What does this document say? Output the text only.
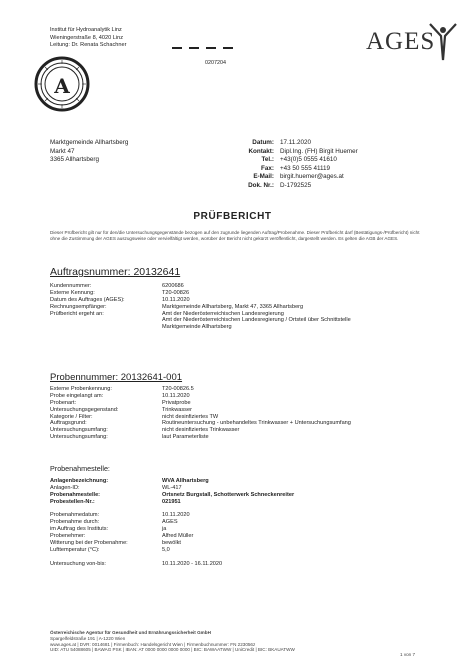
Institut für Hydroanalytik Linz
Wieningerstraße 8, 4020 Linz
Leitung: Dr. Renata Schachner
A
0207204
AGES
Marktgemeinde Allhartsberg
Markt 47
3365 Allhartsberg
Datum: 17.11.2020
Kontakt: Dipl.Ing. (FH) Birgit Huemer
Tel.: +43(0)5 0555 41610
Fax: +43 50 555 41119
E-Mail: birgit.huemer@ages.at
Dok. Nr.: D-1792525
PRÜFBERICHT
Dieser Prüfbericht gilt nur für den/die Untersuchungsgegenstände bezogen auf den zugrunde liegenden Auftrag/Probenahme. Dieser Prüfbericht darf (Bestätigungs-/Prüfbericht) nicht ohne die Zustimmung der AGES auszugsweise oder vervielfältigt werden, worüber der Bericht nicht gekürzt veröffentlicht, dargestellt werden. Es gelten die AGB der AGES.
Auftragsnummer: 20132641
Kundennummer:	6200686
Externe Kennung:	T20-00826
Datum des Auftrages (AGES):	10.11.2020
Rechnungsempfänger:	Marktgemeinde Allhartsberg, Markt 47, 3365 Allhartsberg
Prüfbericht ergeht an:	Amt der Niederösterreichischen Landesregierung
Amt der Niederösterreichischen Landesregierung / Ortsteil über Schnittstelle
Marktgemeinde Allhartsberg
Probennummer: 20132641-001
Externe Probenkennung:	T20-00826.5
Probe eingelangt am:	10.11.2020
Probenart:	Privatprobe
Untersuchungsgegenstand:	Trinkwasser
Kategorie / Filter:	nicht desinfiziertes TW
Auftragsgrund:	Routineuntersuchung - unbehandeltes Trinkwasser + Untersuchungsumfang
Untersuchungsumfang:	nicht desinfiziertes Trinkwasser
Untersuchungsumfang:	laut Parameterliste
Probenahmestelle:
Anlagenbezeichnung:	WVA Allhartsberg
Anlagen-ID:	WL-417
Probenahmestelle:	Ortsnetz Burgstall, Schotterwerk Schneckenreiter
Probestellen-Nr.:	021951
Probenahmedatum:	10.11.2020
Probenahme durch:	AGES
im Auftrag des Instituts:	ja
Probenehmer:	Alfred Müller
Witterung bei der Probenahme:	bewölkt
Lufttemperatur (°C):	5,0
Untersuchung von-bis:	10.11.2020 - 16.11.2020
Österreichische Agentur für Gesundheit und Ernährungssicherheit GmbH
Spargelfeldstraße 191 | A-1220 Wien
www.ages.at | DVR: 0014681 | Firmenbuch: Handelsgericht Wien | Firmenbuchnummer: FN 223056z
UID: ATU 54088605 | BAWAG PSK | IBAN: AT 0000 0000 0000 0000 | BIC: BAWAATWW | UniCredit | BIC: BKAUATWW
1 von 7
